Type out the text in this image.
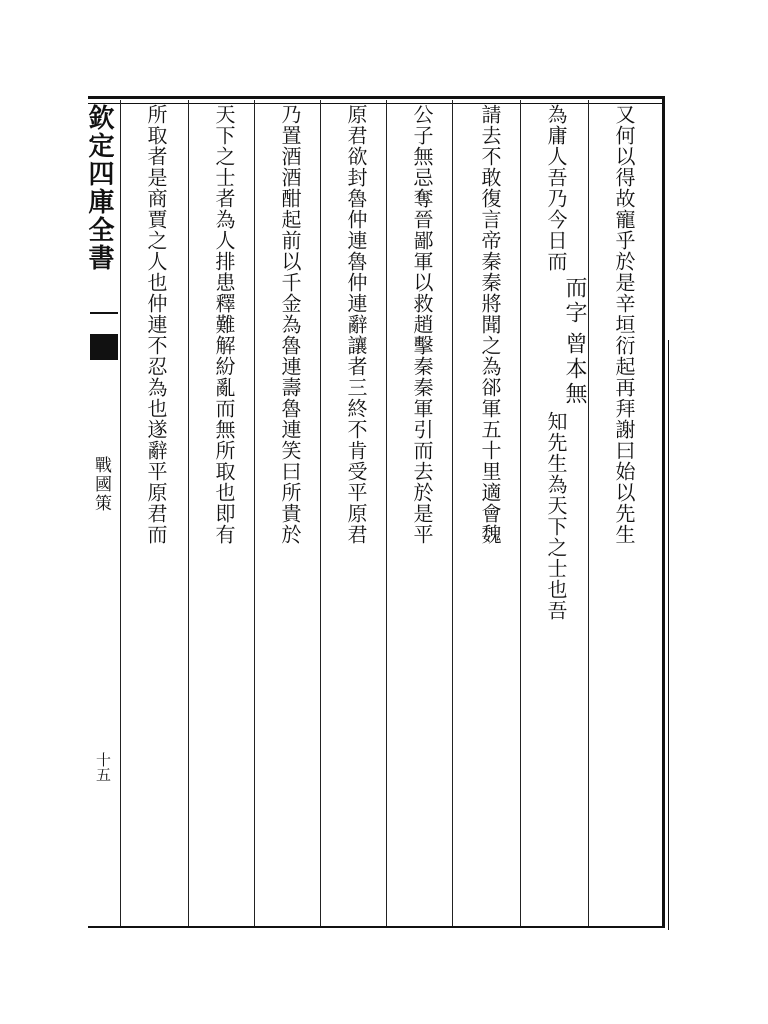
欽定四庫全書
戰國策
十五
又何以得故寵乎於是辛垣衍起再拜謝曰始以先生
為庸人吾乃今日而
曾本無
而字
知先生為天下之士也吾
請去不敢復言帝秦秦將聞之為郤軍五十里適會魏
公子無忌奪晉鄙軍以救趙擊秦秦軍引而去於是平
原君欲封魯仲連魯仲連辭讓者三終不肯受平原君
乃置酒酒酣起前以千金為魯連壽魯連笑曰所貴於
天下之士者為人排患釋難解紛亂而無所取也即有
所取者是商賈之人也仲連不忍為也遂辭平原君而
